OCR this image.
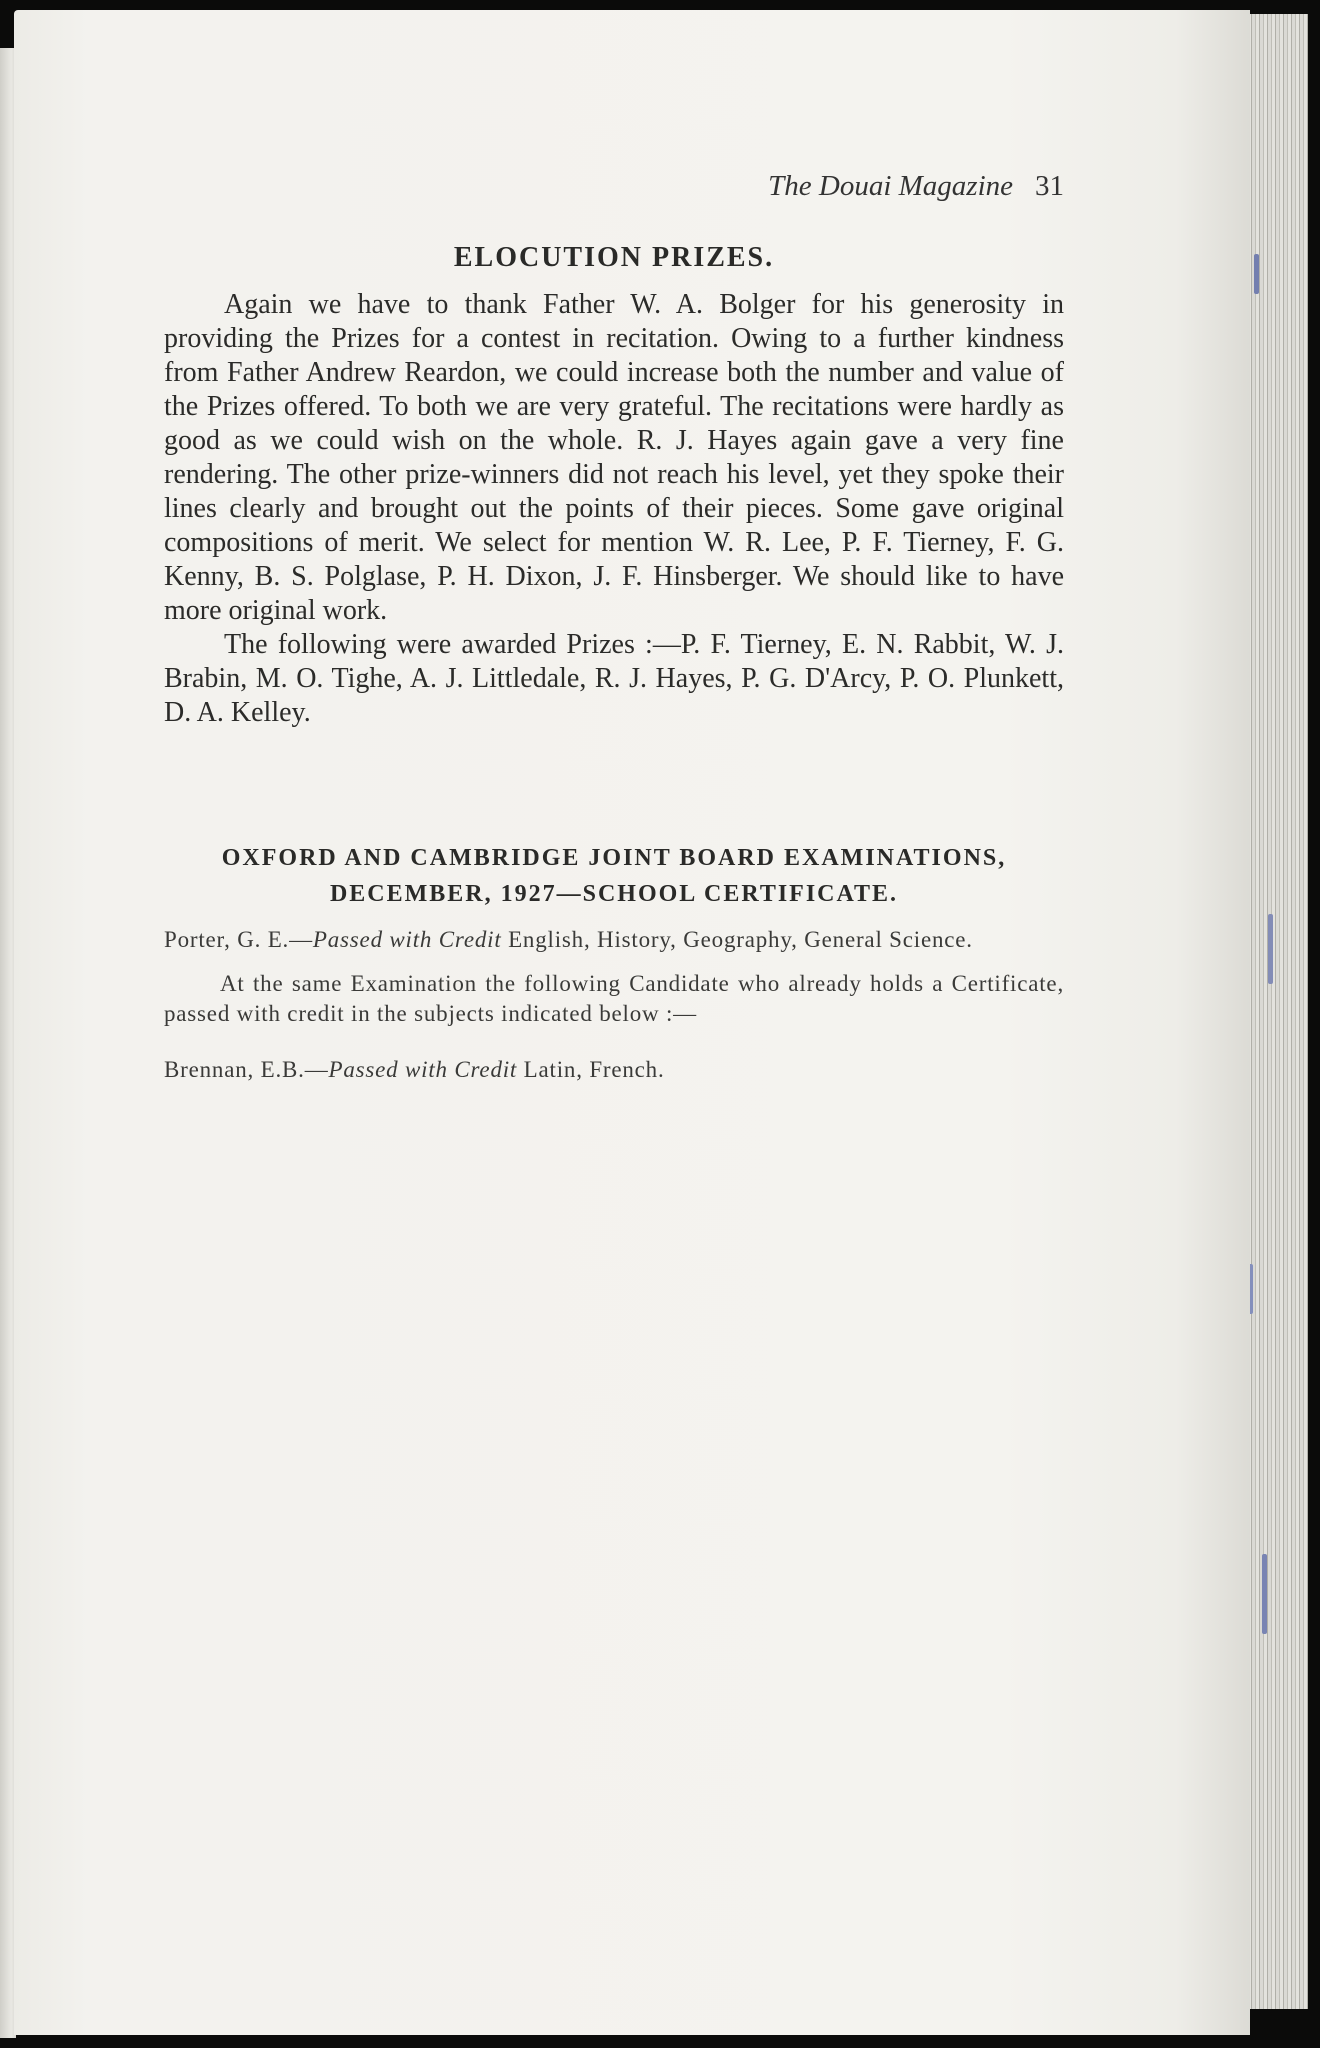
The Douai Magazine 31
ELOCUTION PRIZES.

Again we have to thank Father W. A. Bolger for his generosity in providing the Prizes for a contest in recitation. Owing to a further kindness from Father Andrew Reardon, we could increase both the number and value of the Prizes offered. To both we are very grateful. The recitations were hardly as good as we could wish on the whole. R. J. Hayes again gave a very fine rendering. The other prize-winners did not reach his level, yet they spoke their lines clearly and brought out the points of their pieces. Some gave original compositions of merit. We select for mention W. R. Lee, P. F. Tierney, F. G. Kenny, B. S. Polglase, P. H. Dixon, J. F. Hinsberger. We should like to have more original work.

The following were awarded Prizes :—P. F. Tierney, E. N. Rabbit, W. J. Brabin, M. O. Tighe, A. J. Littledale, R. J. Hayes, P. G. D'Arcy, P. O. Plunkett, D. A. Kelley.

OXFORD AND CAMBRIDGE JOINT BOARD EXAMINATIONS,
DECEMBER, 1927—SCHOOL CERTIFICATE.

Porter, G. E.—Passed with Credit English, History, Geography, General Science.

At the same Examination the following Candidate who already holds a Certificate, passed with credit in the subjects indicated below :—

Brennan, E.B.—Passed with Credit Latin, French.
